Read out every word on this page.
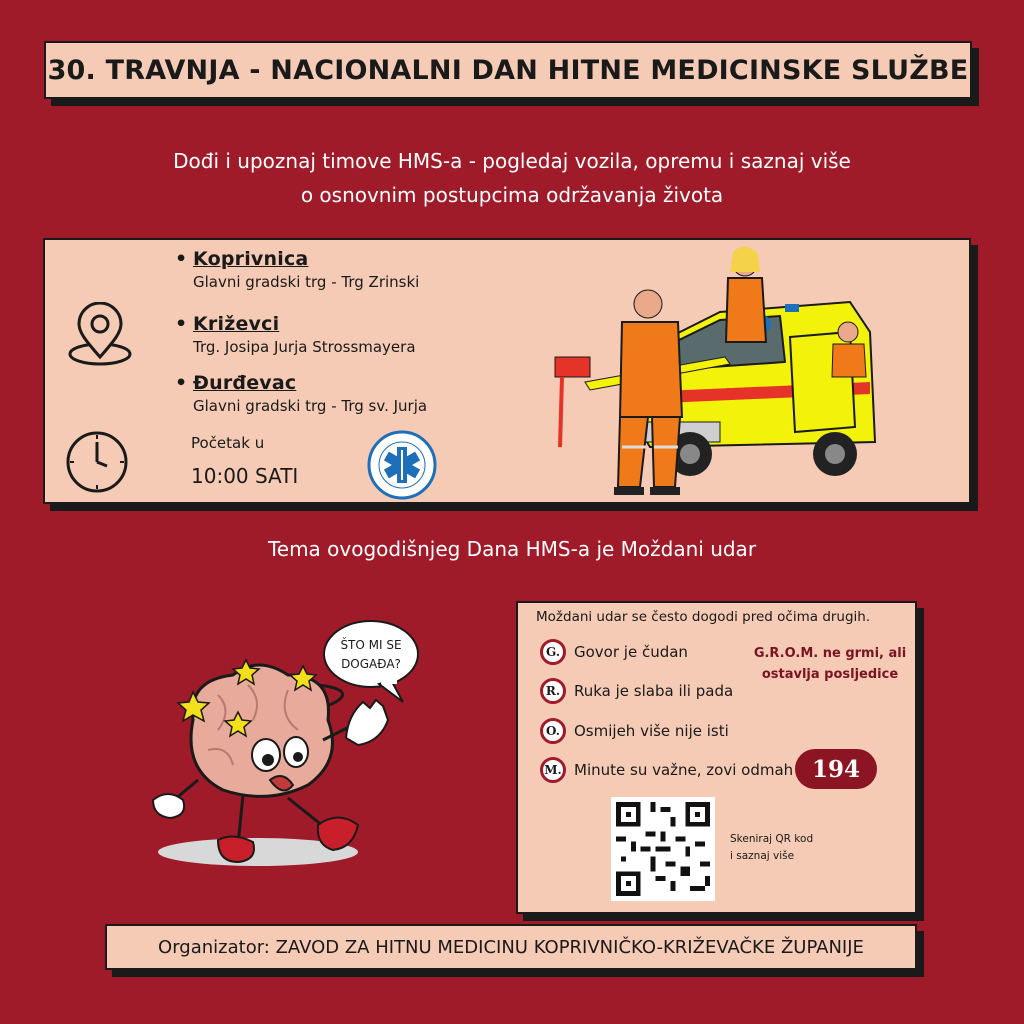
30. TRAVNJA - NACIONALNI DAN HITNE MEDICINSKE SLUŽBE
Dođi i upoznaj timove HMS-a - pogledaj vozila, opremu i saznaj više
o osnovnim postupcima održavanja života
• Koprivnica
Glavni gradski trg - Trg Zrinski
• Križevci
Trg. Josipa Jurja Strossmayera
• Đurđevac
Glavni gradski trg - Trg sv. Jurja
Početak u
10:00 SATI
HITNA
Tema ovogodišnjeg Dana HMS-a je Moždani udar
ŠTO MI SE
DOGAĐA?
Moždani udar se često dogodi pred očima drugih.
G. Govor je čudan
R. Ruka je slaba ili pada
O. Osmijeh više nije isti
M. Minute su važne, zovi odmah
G.R.O.M. ne grmi, ali
ostavlja posljedice
194
Skeniraj QR kod
i saznaj više
Organizator: ZAVOD ZA HITNU MEDICINU KOPRIVNIČKO-KRIŽEVAČKE ŽUPANIJE
